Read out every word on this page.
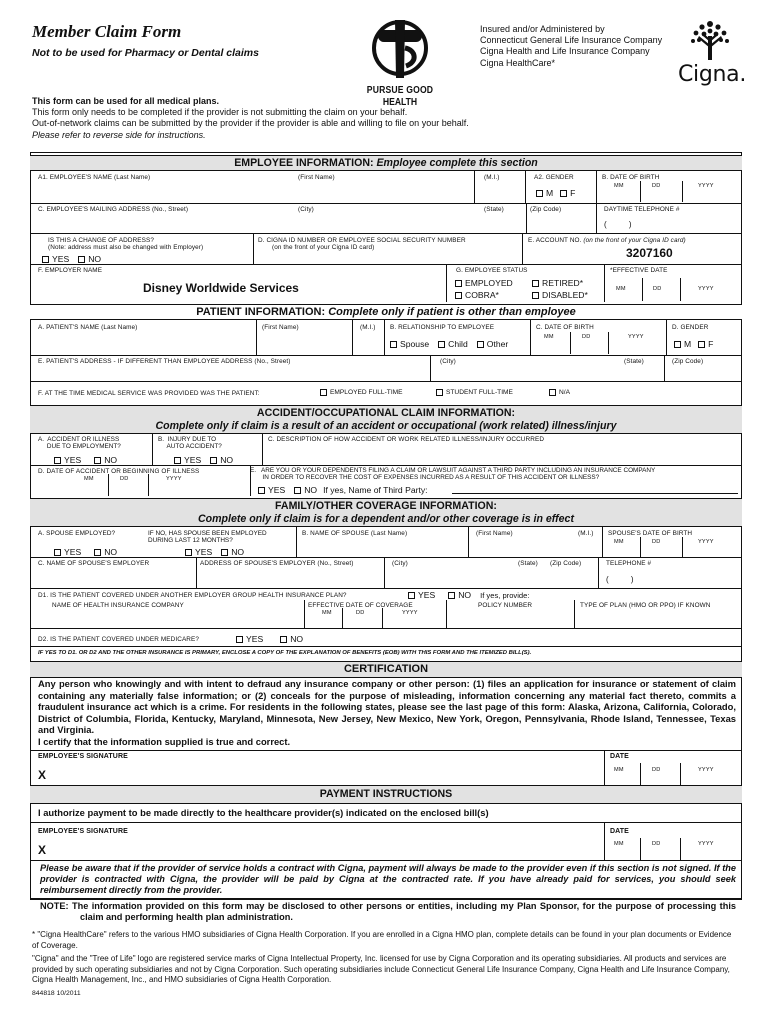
Member Claim Form
Not to be used for Pharmacy or Dental claims
PURSUE GOOD
HEALTH
Insured and/or Administered by
Connecticut General Life Insurance Company
Cigna Health and Life Insurance Company
Cigna HealthCare*	Cigna.
This form can be used for all medical plans.
This form only needs to be completed if the provider is not submitting the claim on your behalf.
Out-of-network claims can be submitted by the provider if the provider is able and willing to file on your behalf.
Please refer to reverse side for instructions.
EMPLOYEE INFORMATION: Employee complete this section
A1. EMPLOYEE'S NAME (Last Name)	(First Name)	(M.I.)	A2. GENDER
M F
B. DATE OF BIRTH
MM	DD	YYYY
C. EMPLOYEE'S MAILING ADDRESS (No., Street)	(City)	(State)	(Zip Code)	DAYTIME TELEPHONE #
(          )
IS THIS A CHANGE OF ADDRESS?
(Note: address must also be changed with Employer)
YES NO
D. CIGNA ID NUMBER OR EMPLOYEE SOCIAL SECURITY NUMBER
(on the front of your Cigna ID card)
E. ACCOUNT NO. (on the front of your Cigna ID card)
3207160
F. EMPLOYER NAME
Disney Worldwide Services
G. EMPLOYEE STATUS
EMPLOYED	RETIRED*
COBRA*	DISABLED*
*EFFECTIVE DATE
MM	DD	YYYY
PATIENT INFORMATION: Complete only if patient is other than employee
A. PATIENT'S NAME (Last Name)	(First Name)	(M.I.) B. RELATIONSHIP TO EMPLOYEE
Spouse Child Other
C. DATE OF BIRTH
MM	DD	YYYY
D. GENDER
M F
E. PATIENT'S ADDRESS - IF DIFFERENT THAN EMPLOYEE ADDRESS (No., Street)	(City)	(State)	(Zip Code)
F. AT THE TIME MEDICAL SERVICE WAS PROVIDED WAS THE PATIENT:	EMPLOYED FULL-TIME	STUDENT FULL-TIME	N/A
ACCIDENT/OCCUPATIONAL CLAIM INFORMATION:
Complete only if claim is a result of an accident or occupational (work related) illness/injury
A.  ACCIDENT OR ILLNESS
DUE TO EMPLOYMENT?
YES	NO
B.  INJURY DUE TO
AUTO ACCIDENT?
YES NO
C. DESCRIPTION OF HOW ACCIDENT OR WORK RELATED ILLNESS/INJURY OCCURRED
D. DATE OF ACCIDENT OR BEGINNING OF ILLNESS
MM	DD	YYYY
E.   ARE YOU OR YOUR DEPENDENTS FILING A CLAIM OR LAWSUIT AGAINST A THIRD PARTY INCLUDING AN INSURANCE COMPANY
IN ORDER TO RECOVER THE COST OF EXPENSES INCURRED AS A RESULT OF THIS ACCIDENT OR ILLNESS?
YES NO If yes, Name of Third Party:
FAMILY/OTHER COVERAGE INFORMATION:
Complete only if claim is for a dependent and/or other coverage is in effect
A. SPOUSE EMPLOYED?	IF NO, HAS SPOUSE BEEN EMPLOYED
DURING LAST 12 MONTHS?
YES	NO	YES NO
B. NAME OF SPOUSE (Last Name)	(First Name)	(M.I.) SPOUSE'S DATE OF BIRTH
MM	DD	YYYY
C. NAME OF SPOUSE'S EMPLOYER	ADDRESS OF SPOUSE'S EMPLOYER (No., Street)	(City)	(State) (Zip Code)	TELEPHONE #
(          )
D1. IS THE PATIENT COVERED UNDER ANOTHER EMPLOYER GROUP HEALTH INSURANCE PLAN?	YES	NO If yes, provide:
NAME OF HEALTH INSURANCE COMPANY	EFFECTIVE DATE OF COVERAGE
MM	DD	YYYY
POLICY NUMBER	TYPE OF PLAN (HMO OR PPO) IF KNOWN
D2. IS THE PATIENT COVERED UNDER MEDICARE?	YES	NO
IF YES TO D1. OR D2 AND THE OTHER INSURANCE IS PRIMARY, ENCLOSE A COPY OF THE EXPLANATION OF BENEFITS (EOB) WITH THIS FORM AND THE ITEMIZED BILL(S).
CERTIFICATION
Any person who knowingly and with intent to defraud any insurance company or other person: (1) files an application for insurance or statement of claim containing any materially false information; or (2) conceals for the purpose of misleading, information concerning any material fact thereto, commits a fraudulent insurance act which is a crime. For residents in the following states, please see the last page of this form: Alaska, Arizona, California, Colorado, District of Columbia, Florida, Kentucky, Maryland, Minnesota, New Jersey, New Mexico, New York, Oregon, Pennsylvania, Rhode Island, Tennessee, Texas and Virginia.
I certify that the information supplied is true and correct.
EMPLOYEE'S SIGNATURE
X
DATE
MM	DD	YYYY
PAYMENT INSTRUCTIONS
I authorize payment to be made directly to the healthcare provider(s) indicated on the enclosed bill(s)
EMPLOYEE'S SIGNATURE
X
DATE
MM	DD	YYYY
Please be aware that if the provider of service holds a contract with Cigna, payment will always be made to the provider even if this section is not signed. If the provider is contracted with Cigna, the provider will be paid by Cigna at the contracted rate. If you have already paid for services, you should seek reimbursement directly from the provider.
NOTE: The information provided on this form may be disclosed to other persons or entities, including my Plan Sponsor, for the purpose of processing this claim and performing health plan administration.
* "Cigna HealthCare" refers to the various HMO subsidiaries of Cigna Health Corporation. If you are enrolled in a Cigna HMO plan, complete details can be found in your plan documents or Evidence of Coverage.
"Cigna" and the "Tree of Life" logo are registered service marks of Cigna Intellectual Property, Inc. licensed for use by Cigna Corporation and its operating subsidiaries. All products and services are provided by such operating subsidiaries and not by Cigna Corporation. Such operating subsidiaries include Connecticut General Life Insurance Company, Cigna Health and Life Insurance Company, Cigna Health Management, Inc., and HMO subsidiaries of Cigna Health Corporation.
844818 10/2011
